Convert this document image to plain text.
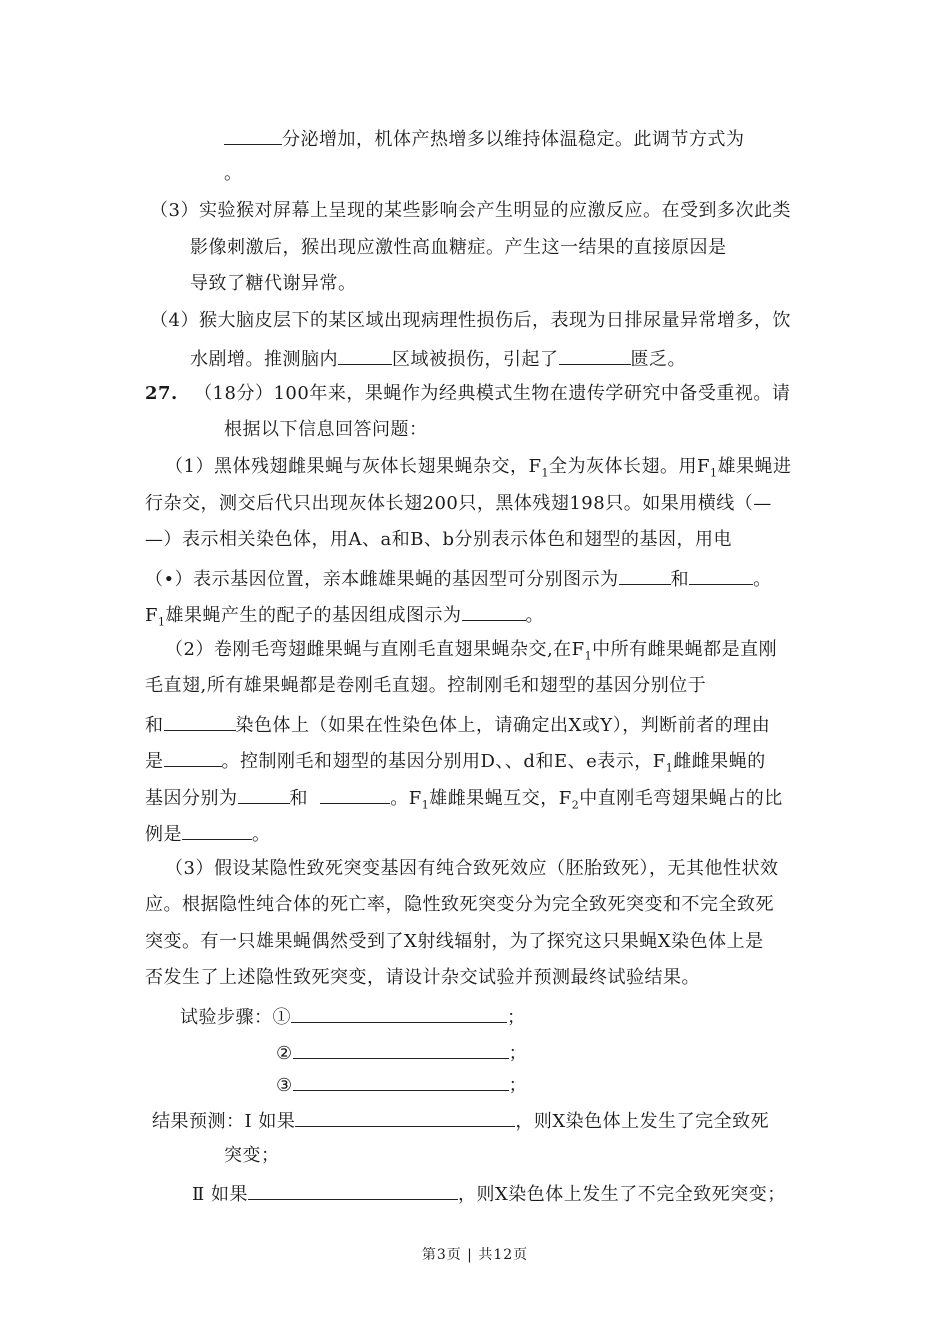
分泌增加，机体产热增多以维持体温稳定。此调节方式为
。
（3）实验猴对屏幕上呈现的某些影响会产生明显的应激反应。在受到多次此类
影像刺激后，猴出现应激性高血糖症。产生这一结果的直接原因是
导致了糖代谢异常。
（4）猴大脑皮层下的某区域出现病理性损伤后，表现为日排尿量异常增多，饮
水剧增。推测脑内	区域被损伤，引起了	匮乏。
27. （18分）100年来，果蝇作为经典模式生物在遗传学研究中备受重视。请
根据以下信息回答问题：
（1）黑体残翅雌果蝇与灰体长翅果蝇杂交，$F_1$全为灰体长翅。用$F_1$雄果蝇进
行杂交，测交后代只出现灰体长翅200只，黑体残翅198只。如果用横线（—
—）表示相关染色体，用A、a和B、b分别表示体色和翅型的基因，用电
（•）表示基因位置，亲本雌雄果蝇的基因型可分别图示为	和	。
$F_1$雄果蝇产生的配子的基因组成图示为	。
（2）卷刚毛弯翅雌果蝇与直刚毛直翅果蝇杂交,在$F_1$中所有雌果蝇都是直刚
毛直翅,所有雄果蝇都是卷刚毛直翅。控制刚毛和翅型的基因分别位于
和	染色体上（如果在性染色体上，请确定出X或Y），判断前者的理由
是	。控制刚毛和翅型的基因分别用D、、d和E、e表示，$F_1$雌雌果蝇的
基因分别为	和	。$F_1$雄雌果蝇互交，$F_2$中直刚毛弯翅果蝇占的比
例是	。
（3）假设某隐性致死突变基因有纯合致死效应（胚胎致死），无其他性状效
应。根据隐性纯合体的死亡率，隐性致死突变分为完全致死突变和不完全致死
突变。有一只雄果蝇偶然受到了X射线辐射，为了探究这只果蝇X染色体上是
否发生了上述隐性致死突变，请设计杂交试验并预测最终试验结果。
试验步骤：①	；
②	；
③	；
结果预测：Ⅰ 如果	，则X染色体上发生了完全致死
突变；
Ⅱ 如果	，则X染色体上发生了不完全致死突变；
第3页 | 共12页
